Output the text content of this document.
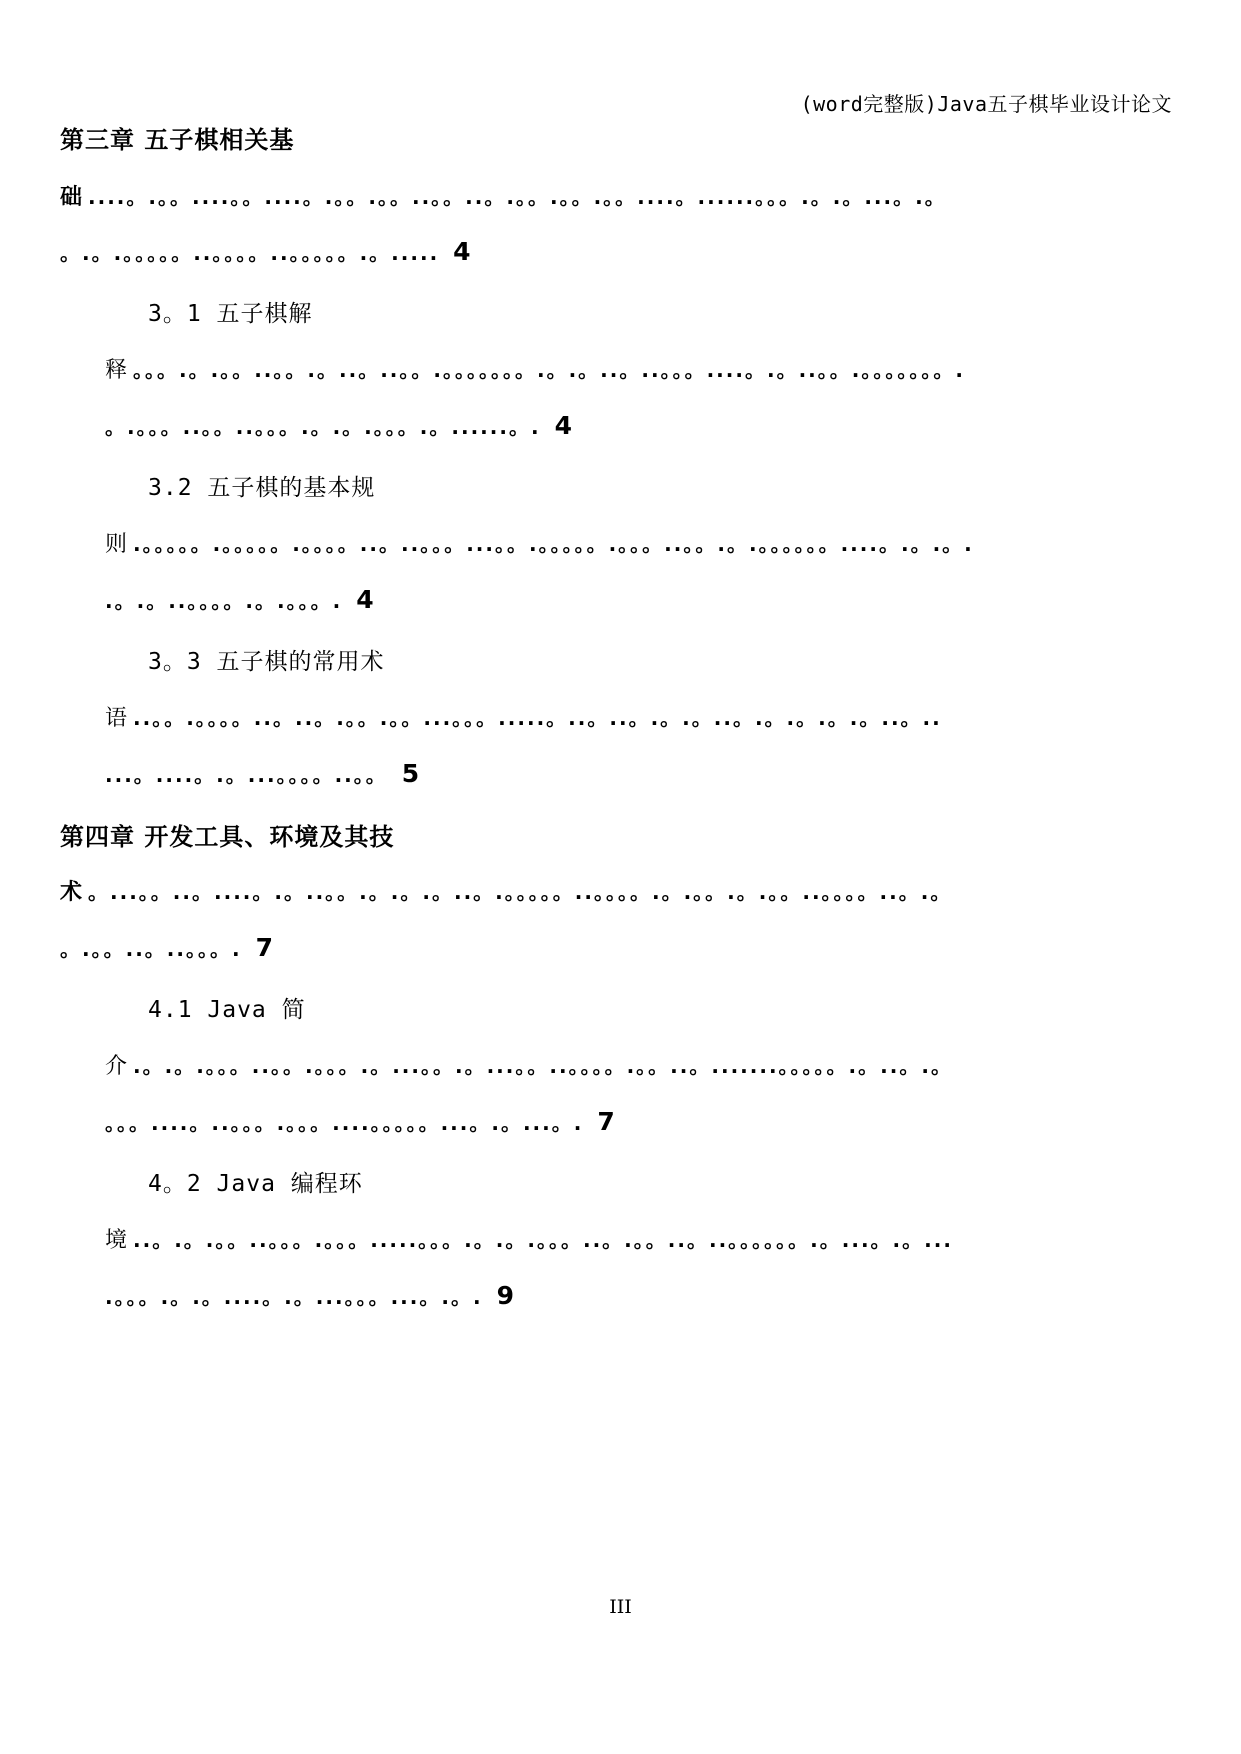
(word完整版)Java五子棋毕业设计论文
第三章 五子棋相关基
础 ....。.。。....。。....。.。。.。。..。。..。.。。.。。.。。....。......。。。.。.。...。.。
。.。.。。。。。..。。。。..。。。。。.。..... 4
3。1 五子棋解
释 。。。.。.。。..。。.。..。..。。.。。。。。。。.。.。..。..。。。....。.。..。。.。。。。。。。.
。.。。。..。。..。。。.。.。.。。。.。......。. 4
3.2 五子棋的基本规
则 .。。。。。.。。。。。.。。。。..。..。。。...。。.。。。。。.。。。..。。.。.。。。。。。....。.。.。.
.。.。..。。。。.。.。。。. 4
3。3 五子棋的常用术
语 ..。。.。。。。..。..。.。。.。。...。。。.....。..。..。.。.。..。.。.。.。.。..。..
...。....。.。...。。。。..。。 5
第四章 开发工具、环境及其技
术 。...。。..。....。.。..。。.。.。.。..。.。。。。。..。。。。.。.。。.。.。。..。。。。..。.。
。.。。..。..。。。. 7
4.1 Java 简
介 .。.。.。。。..。。.。。。.。...。。.。...。。..。。。。.。。..。.......。。。。。.。..。.。
。。。....。..。。。.。。。....。。。。。...。.。...。. 7
4。2 Java 编程环
境 ..。.。.。。..。。。.。。。.....。。。.。.。.。。。..。.。。..。..。。。。。。.。...。.。...
.。。。.。.。....。.。...。。。...。.。. 9
III
